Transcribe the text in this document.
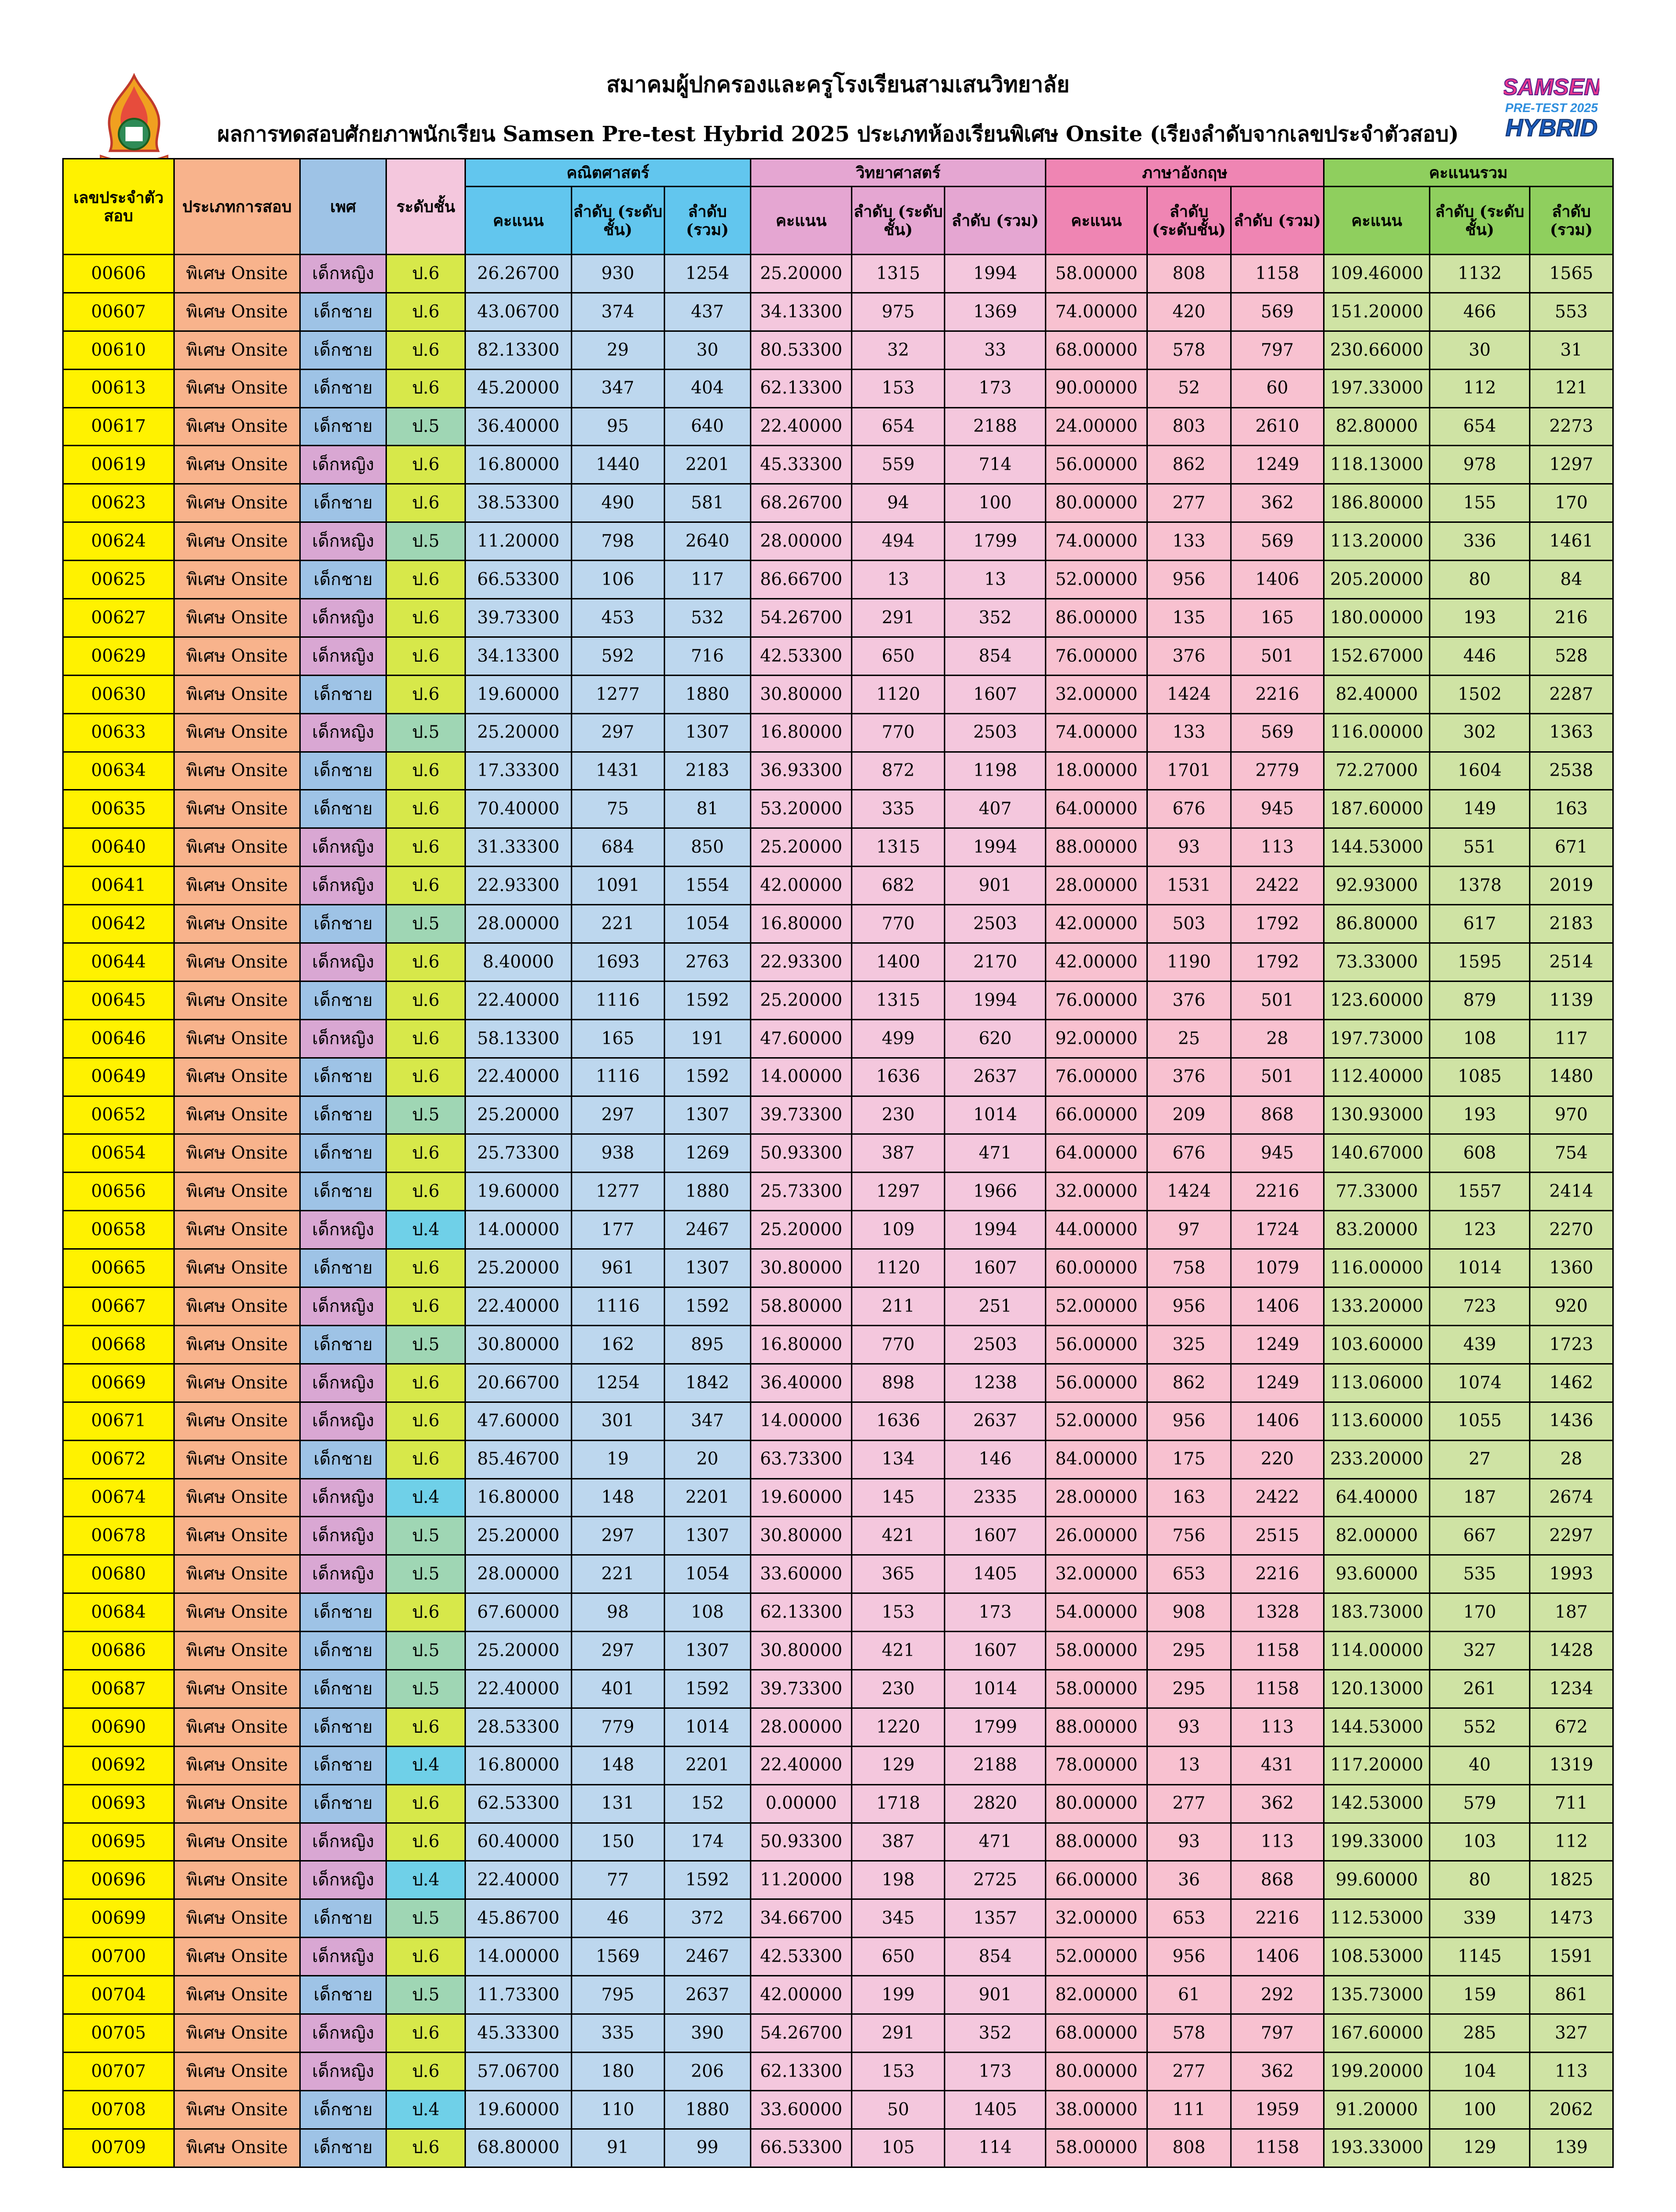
SAMSEN
PRE-TEST 2025
HYBRID
สมาคมผู้ปกครองและครูโรงเรียนสามเสนวิทยาลัย
ผลการทดสอบศักยภาพนักเรียน Samsen Pre-test Hybrid 2025 ประเภทห้องเรียนพิเศษ Onsite (เรียงลำดับจากเลขประจำตัวสอบ)
เลขประจำตัว สอบ	ประเภทการสอบ	เพศ	ระดับชั้น	คณิตศาสตร์			วิทยาศาสตร์			ภาษาอังกฤษ			คะแนนรวม		
				คะแนน	ลำดับ (ระดับชั้น)	ลำดับ (รวม)	คะแนน	ลำดับ (ระดับชั้น)	ลำดับ (รวม)	คะแนน	ลำดับ (ระดับชั้น)	ลำดับ (รวม)	คะแนน	ลำดับ (ระดับชั้น)	ลำดับ (รวม)
00606	พิเศษ Onsite	เด็กหญิง	ป.6	26.26700	930	1254	25.20000	1315	1994	58.00000	808	1158	109.46000	1132	1565
00607	พิเศษ Onsite	เด็กชาย	ป.6	43.06700	374	437	34.13300	975	1369	74.00000	420	569	151.20000	466	553
00610	พิเศษ Onsite	เด็กชาย	ป.6	82.13300	29	30	80.53300	32	33	68.00000	578	797	230.66000	30	31
00613	พิเศษ Onsite	เด็กชาย	ป.6	45.20000	347	404	62.13300	153	173	90.00000	52	60	197.33000	112	121
00617	พิเศษ Onsite	เด็กชาย	ป.5	36.40000	95	640	22.40000	654	2188	24.00000	803	2610	82.80000	654	2273
00619	พิเศษ Onsite	เด็กหญิง	ป.6	16.80000	1440	2201	45.33300	559	714	56.00000	862	1249	118.13000	978	1297
00623	พิเศษ Onsite	เด็กชาย	ป.6	38.53300	490	581	68.26700	94	100	80.00000	277	362	186.80000	155	170
00624	พิเศษ Onsite	เด็กหญิง	ป.5	11.20000	798	2640	28.00000	494	1799	74.00000	133	569	113.20000	336	1461
00625	พิเศษ Onsite	เด็กชาย	ป.6	66.53300	106	117	86.66700	13	13	52.00000	956	1406	205.20000	80	84
00627	พิเศษ Onsite	เด็กหญิง	ป.6	39.73300	453	532	54.26700	291	352	86.00000	135	165	180.00000	193	216
00629	พิเศษ Onsite	เด็กหญิง	ป.6	34.13300	592	716	42.53300	650	854	76.00000	376	501	152.67000	446	528
00630	พิเศษ Onsite	เด็กชาย	ป.6	19.60000	1277	1880	30.80000	1120	1607	32.00000	1424	2216	82.40000	1502	2287
00633	พิเศษ Onsite	เด็กหญิง	ป.5	25.20000	297	1307	16.80000	770	2503	74.00000	133	569	116.00000	302	1363
00634	พิเศษ Onsite	เด็กชาย	ป.6	17.33300	1431	2183	36.93300	872	1198	18.00000	1701	2779	72.27000	1604	2538
00635	พิเศษ Onsite	เด็กชาย	ป.6	70.40000	75	81	53.20000	335	407	64.00000	676	945	187.60000	149	163
00640	พิเศษ Onsite	เด็กหญิง	ป.6	31.33300	684	850	25.20000	1315	1994	88.00000	93	113	144.53000	551	671
00641	พิเศษ Onsite	เด็กหญิง	ป.6	22.93300	1091	1554	42.00000	682	901	28.00000	1531	2422	92.93000	1378	2019
00642	พิเศษ Onsite	เด็กชาย	ป.5	28.00000	221	1054	16.80000	770	2503	42.00000	503	1792	86.80000	617	2183
00644	พิเศษ Onsite	เด็กหญิง	ป.6	8.40000	1693	2763	22.93300	1400	2170	42.00000	1190	1792	73.33000	1595	2514
00645	พิเศษ Onsite	เด็กชาย	ป.6	22.40000	1116	1592	25.20000	1315	1994	76.00000	376	501	123.60000	879	1139
00646	พิเศษ Onsite	เด็กหญิง	ป.6	58.13300	165	191	47.60000	499	620	92.00000	25	28	197.73000	108	117
00649	พิเศษ Onsite	เด็กชาย	ป.6	22.40000	1116	1592	14.00000	1636	2637	76.00000	376	501	112.40000	1085	1480
00652	พิเศษ Onsite	เด็กชาย	ป.5	25.20000	297	1307	39.73300	230	1014	66.00000	209	868	130.93000	193	970
00654	พิเศษ Onsite	เด็กชาย	ป.6	25.73300	938	1269	50.93300	387	471	64.00000	676	945	140.67000	608	754
00656	พิเศษ Onsite	เด็กชาย	ป.6	19.60000	1277	1880	25.73300	1297	1966	32.00000	1424	2216	77.33000	1557	2414
00658	พิเศษ Onsite	เด็กหญิง	ป.4	14.00000	177	2467	25.20000	109	1994	44.00000	97	1724	83.20000	123	2270
00665	พิเศษ Onsite	เด็กชาย	ป.6	25.20000	961	1307	30.80000	1120	1607	60.00000	758	1079	116.00000	1014	1360
00667	พิเศษ Onsite	เด็กหญิง	ป.6	22.40000	1116	1592	58.80000	211	251	52.00000	956	1406	133.20000	723	920
00668	พิเศษ Onsite	เด็กชาย	ป.5	30.80000	162	895	16.80000	770	2503	56.00000	325	1249	103.60000	439	1723
00669	พิเศษ Onsite	เด็กหญิง	ป.6	20.66700	1254	1842	36.40000	898	1238	56.00000	862	1249	113.06000	1074	1462
00671	พิเศษ Onsite	เด็กหญิง	ป.6	47.60000	301	347	14.00000	1636	2637	52.00000	956	1406	113.60000	1055	1436
00672	พิเศษ Onsite	เด็กชาย	ป.6	85.46700	19	20	63.73300	134	146	84.00000	175	220	233.20000	27	28
00674	พิเศษ Onsite	เด็กหญิง	ป.4	16.80000	148	2201	19.60000	145	2335	28.00000	163	2422	64.40000	187	2674
00678	พิเศษ Onsite	เด็กหญิง	ป.5	25.20000	297	1307	30.80000	421	1607	26.00000	756	2515	82.00000	667	2297
00680	พิเศษ Onsite	เด็กหญิง	ป.5	28.00000	221	1054	33.60000	365	1405	32.00000	653	2216	93.60000	535	1993
00684	พิเศษ Onsite	เด็กชาย	ป.6	67.60000	98	108	62.13300	153	173	54.00000	908	1328	183.73000	170	187
00686	พิเศษ Onsite	เด็กชาย	ป.5	25.20000	297	1307	30.80000	421	1607	58.00000	295	1158	114.00000	327	1428
00687	พิเศษ Onsite	เด็กชาย	ป.5	22.40000	401	1592	39.73300	230	1014	58.00000	295	1158	120.13000	261	1234
00690	พิเศษ Onsite	เด็กชาย	ป.6	28.53300	779	1014	28.00000	1220	1799	88.00000	93	113	144.53000	552	672
00692	พิเศษ Onsite	เด็กชาย	ป.4	16.80000	148	2201	22.40000	129	2188	78.00000	13	431	117.20000	40	1319
00693	พิเศษ Onsite	เด็กชาย	ป.6	62.53300	131	152	0.00000	1718	2820	80.00000	277	362	142.53000	579	711
00695	พิเศษ Onsite	เด็กหญิง	ป.6	60.40000	150	174	50.93300	387	471	88.00000	93	113	199.33000	103	112
00696	พิเศษ Onsite	เด็กหญิง	ป.4	22.40000	77	1592	11.20000	198	2725	66.00000	36	868	99.60000	80	1825
00699	พิเศษ Onsite	เด็กชาย	ป.5	45.86700	46	372	34.66700	345	1357	32.00000	653	2216	112.53000	339	1473
00700	พิเศษ Onsite	เด็กหญิง	ป.6	14.00000	1569	2467	42.53300	650	854	52.00000	956	1406	108.53000	1145	1591
00704	พิเศษ Onsite	เด็กชาย	ป.5	11.73300	795	2637	42.00000	199	901	82.00000	61	292	135.73000	159	861
00705	พิเศษ Onsite	เด็กหญิง	ป.6	45.33300	335	390	54.26700	291	352	68.00000	578	797	167.60000	285	327
00707	พิเศษ Onsite	เด็กหญิง	ป.6	57.06700	180	206	62.13300	153	173	80.00000	277	362	199.20000	104	113
00708	พิเศษ Onsite	เด็กชาย	ป.4	19.60000	110	1880	33.60000	50	1405	38.00000	111	1959	91.20000	100	2062
00709	พิเศษ Onsite	เด็กชาย	ป.6	68.80000	91	99	66.53300	105	114	58.00000	808	1158	193.33000	129	139
